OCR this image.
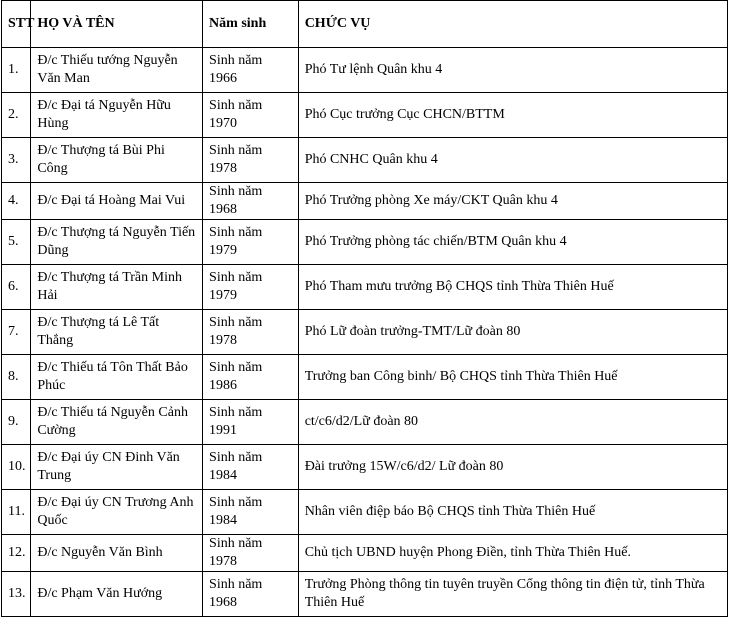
STT	HỌ VÀ TÊN	Năm sinh	CHỨC VỤ
1.	Đ/c Thiếu tướng Nguyễn Văn Man	Sinh năm 1966	Phó Tư lệnh Quân khu 4
2.	Đ/c Đại tá Nguyễn Hữu Hùng	Sinh năm 1970	Phó Cục trưởng Cục CHCN/BTTM
3.	Đ/c Thượng tá Bùi Phi Công	Sinh năm 1978	Phó CNHC Quân khu 4
4.	Đ/c Đại tá Hoàng Mai Vui	Sinh năm 1968	Phó Trưởng phòng Xe máy/CKT Quân khu 4
5.	Đ/c Thượng tá Nguyễn Tiến Dũng	Sinh năm 1979	Phó Trưởng phòng tác chiến/BTM Quân khu 4
6.	Đ/c Thượng tá Trần Minh Hải	Sinh năm 1979	Phó Tham mưu trưởng Bộ CHQS tỉnh Thừa Thiên Huế
7.	Đ/c Thượng tá Lê Tất Thắng	Sinh năm 1978	Phó Lữ đoàn trưởng-TMT/Lữ đoàn 80
8.	Đ/c Thiếu tá Tôn Thất Bảo Phúc	Sinh năm 1986	Trưởng ban Công binh/ Bộ CHQS tỉnh Thừa Thiên Huế
9.	Đ/c Thiếu tá Nguyễn Cảnh Cường	Sinh năm 1991	ct/c6/d2/Lữ đoàn 80
10.	Đ/c Đại úy CN Đinh Văn Trung	Sinh năm 1984	Đài trưởng 15W/c6/d2/ Lữ đoàn 80
11.	Đ/c Đại úy CN Trương Anh Quốc	Sinh năm 1984	Nhân viên điệp báo Bộ CHQS tỉnh Thừa Thiên Huế
12.	Đ/c Nguyễn Văn Bình	Sinh năm 1978	Chủ tịch UBND huyện Phong Điền, tỉnh Thừa Thiên Huế.
13.	Đ/c Phạm Văn Hướng	Sinh năm 1968	Trưởng Phòng thông tin tuyên truyền Cổng thông tin điện tử, tỉnh Thừa Thiên Huế
